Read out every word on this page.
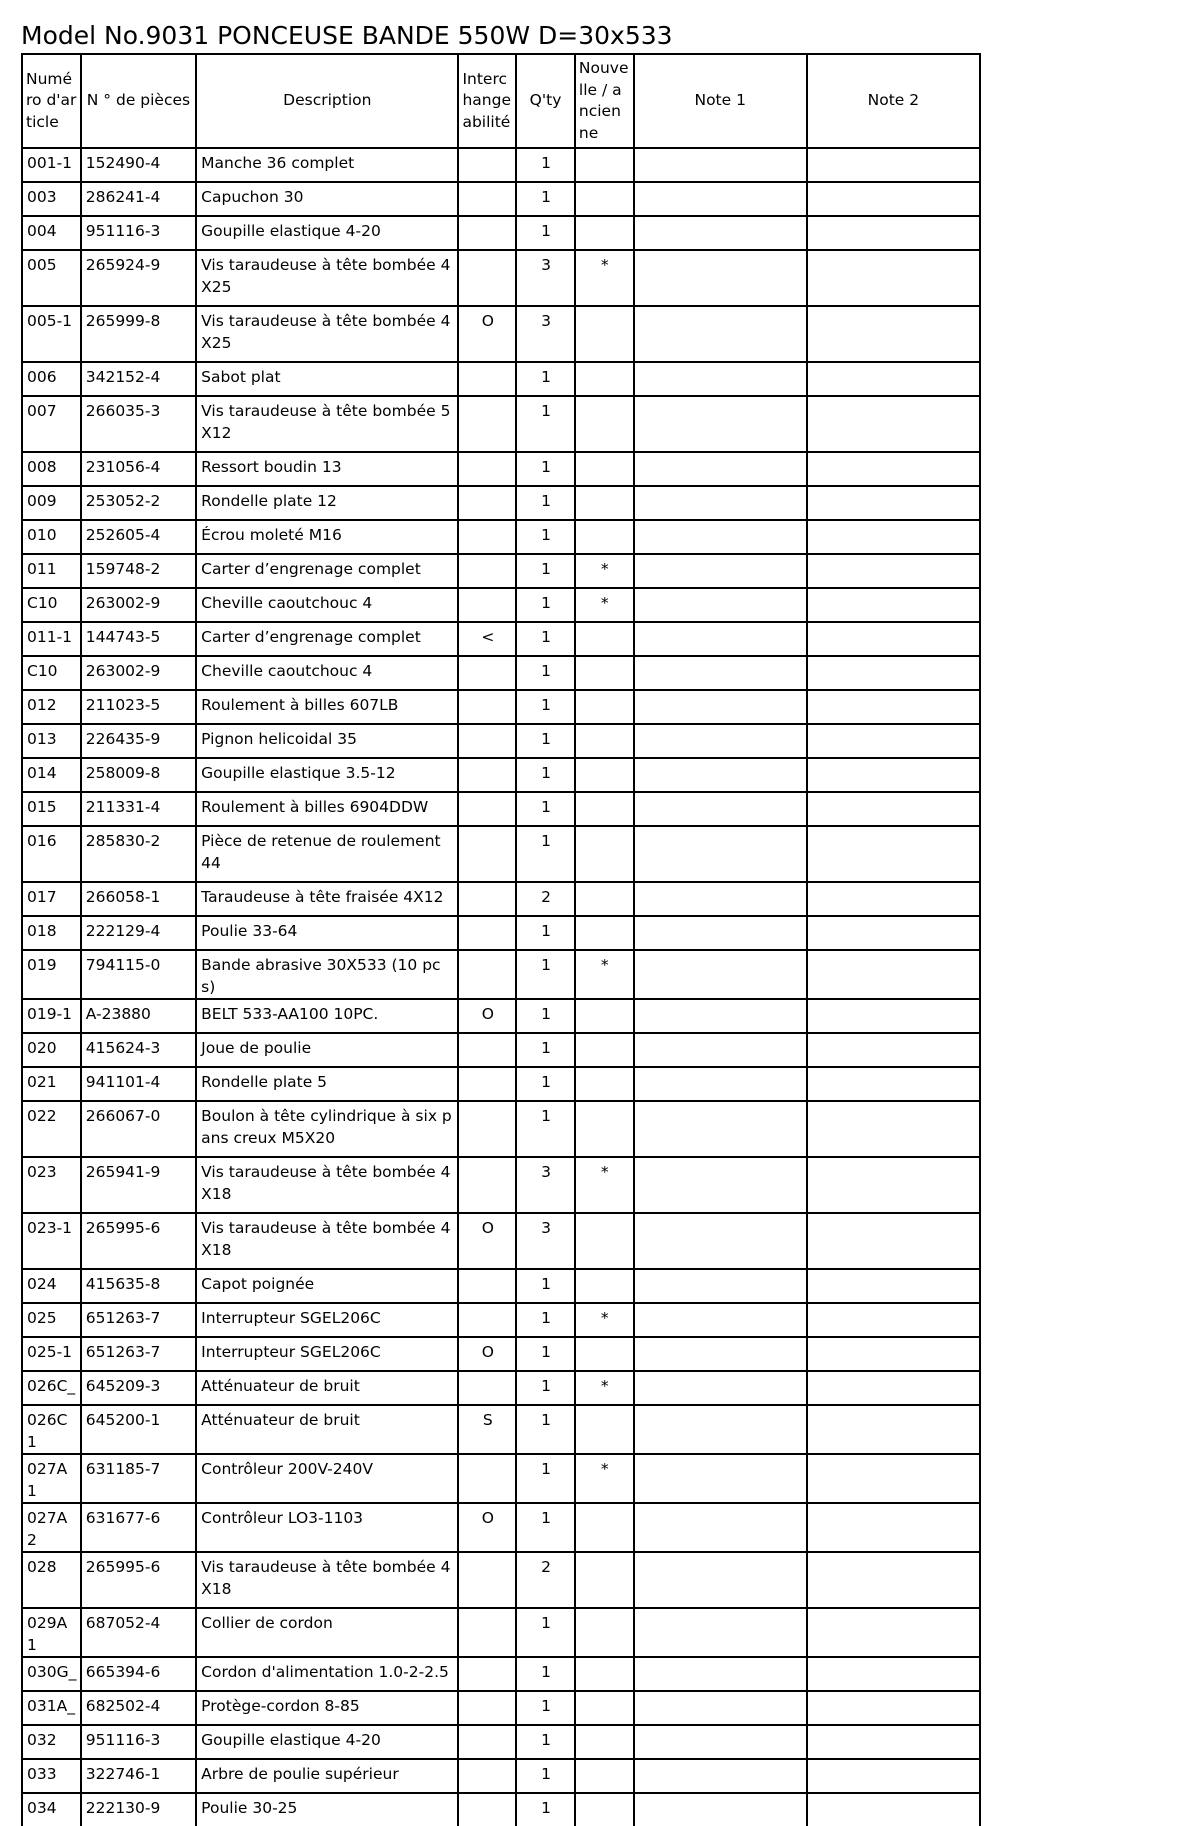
Model No.9031 PONCEUSE BANDE 550W D=30x533
Numéro d'article	N ° de pièces	Description	Interchangeabilité	Q'ty	Nouvelle / ancienne	Note 1	Note 2
001-1	152490-4	Manche 36 complet		1			
003	286241-4	Capuchon 30		1			
004	951116-3	Goupille elastique 4-20		1			
005	265924-9	Vis taraudeuse à tête bombée 4X25		3	*		
005-1	265999-8	Vis taraudeuse à tête bombée 4X25	O	3			
006	342152-4	Sabot plat		1			
007	266035-3	Vis taraudeuse à tête bombée 5X12		1			
008	231056-4	Ressort boudin 13		1			
009	253052-2	Rondelle plate 12		1			
010	252605-4	Écrou moleté M16		1			
011	159748-2	Carter d’engrenage complet		1	*		
C10	263002-9	Cheville caoutchouc 4		1	*		
011-1	144743-5	Carter d’engrenage complet	<	1			
C10	263002-9	Cheville caoutchouc 4		1			
012	211023-5	Roulement à billes 607LB		1			
013	226435-9	Pignon helicoidal 35		1			
014	258009-8	Goupille elastique 3.5-12		1			
015	211331-4	Roulement à billes 6904DDW		1			
016	285830-2	Pièce de retenue de roulement 44		1			
017	266058-1	Taraudeuse à tête fraisée 4X12		2			
018	222129-4	Poulie 33-64		1			
019	794115-0	Bande abrasive 30X533 (10 pcs)		1	*		
019-1	A-23880	BELT 533-AA100 10PC.	O	1			
020	415624-3	Joue de poulie		1			
021	941101-4	Rondelle plate 5		1			
022	266067-0	Boulon à tête cylindrique à six pans creux M5X20		1			
023	265941-9	Vis taraudeuse à tête bombée 4X18		3	*		
023-1	265995-6	Vis taraudeuse à tête bombée 4X18	O	3			
024	415635-8	Capot poignée		1			
025	651263-7	Interrupteur SGEL206C		1	*		
025-1	651263-7	Interrupteur SGEL206C	O	1			
026C_	645209-3	Atténuateur de bruit		1	*		
026C1	645200-1	Atténuateur de bruit	S	1			
027A1	631185-7	Contrôleur 200V-240V		1	*		
027A2	631677-6	Contrôleur LO3-1103	O	1			
028	265995-6	Vis taraudeuse à tête bombée 4X18		2			
029A1	687052-4	Collier de cordon		1			
030G_	665394-6	Cordon d'alimentation 1.0-2-2.5		1			
031A_	682502-4	Protège-cordon 8-85		1			
032	951116-3	Goupille elastique 4-20		1			
033	322746-1	Arbre de poulie supérieur		1			
034	222130-9	Poulie 30-25		1			
